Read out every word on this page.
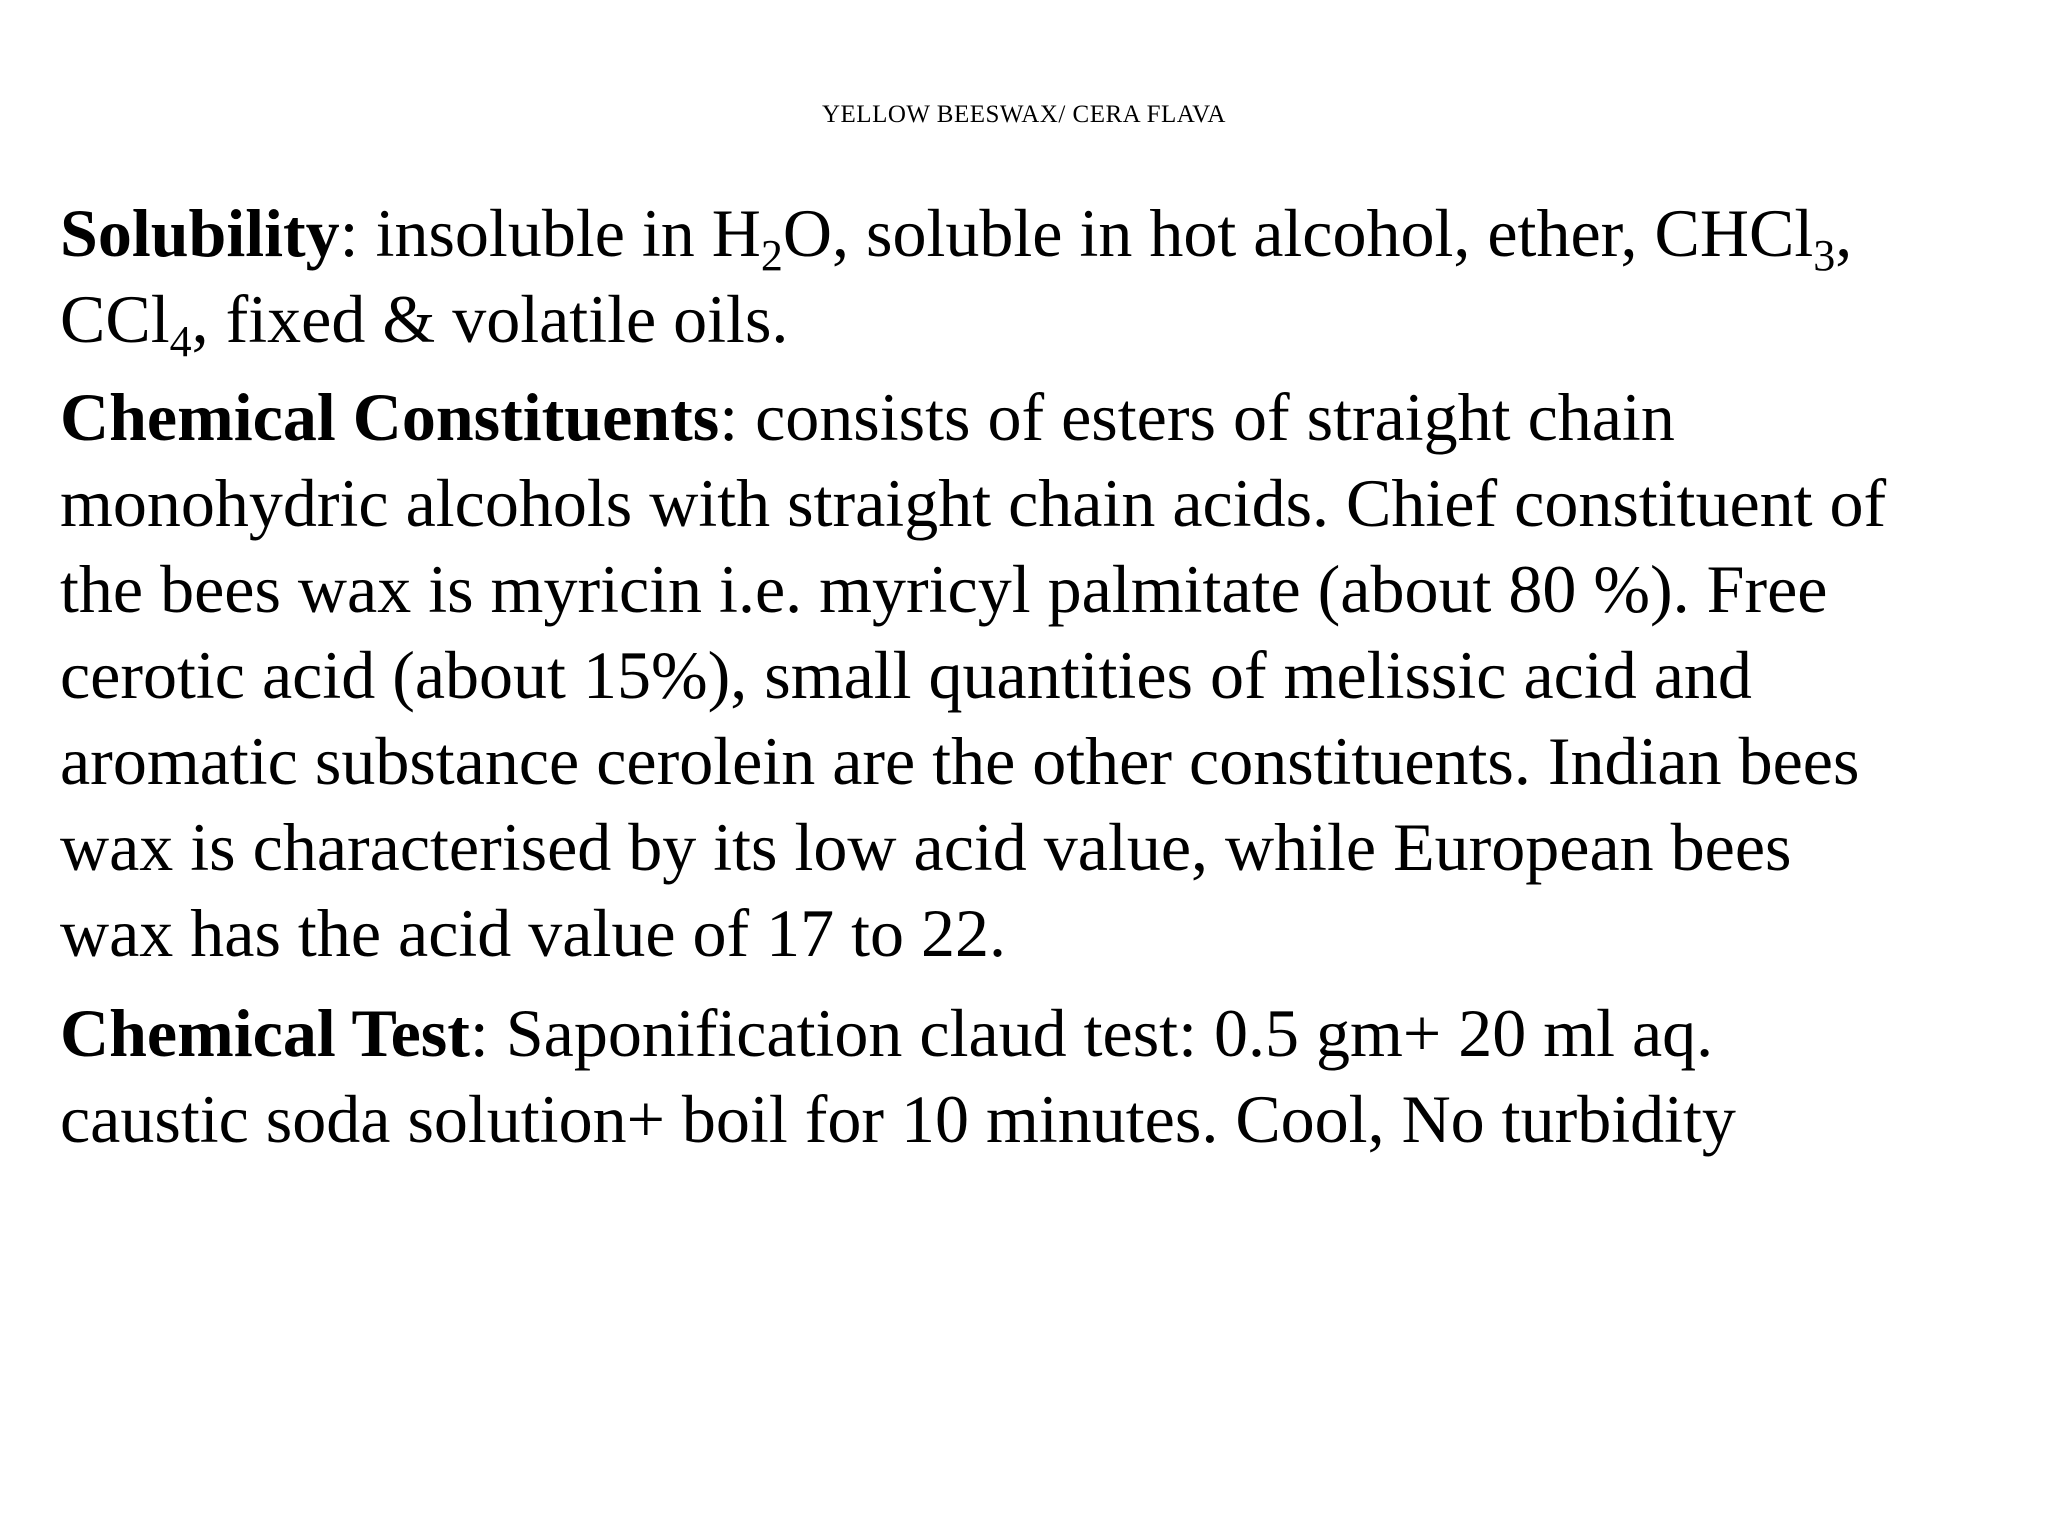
YELLOW BEESWAX/ CERA FLAVA
Solubility: insoluble in $H_2O$, soluble in hot alcohol, ether, CHCl$_3$,
CCl$_4$, fixed & volatile oils.
Chemical Constituents: consists of esters of straight chain
monohydric alcohols with straight chain acids. Chief constituent of
the bees wax is myricin i.e. myricyl palmitate (about 80 %). Free
cerotic acid (about 15%), small quantities of melissic acid and
aromatic substance cerolein are the other constituents. Indian bees
wax is characterised by its low acid value, while European bees
wax has the acid value of 17 to 22.
Chemical Test: Saponification claud test: 0.5 gm+ 20 ml aq.
caustic soda solution+ boil for 10 minutes. Cool, No turbidity
